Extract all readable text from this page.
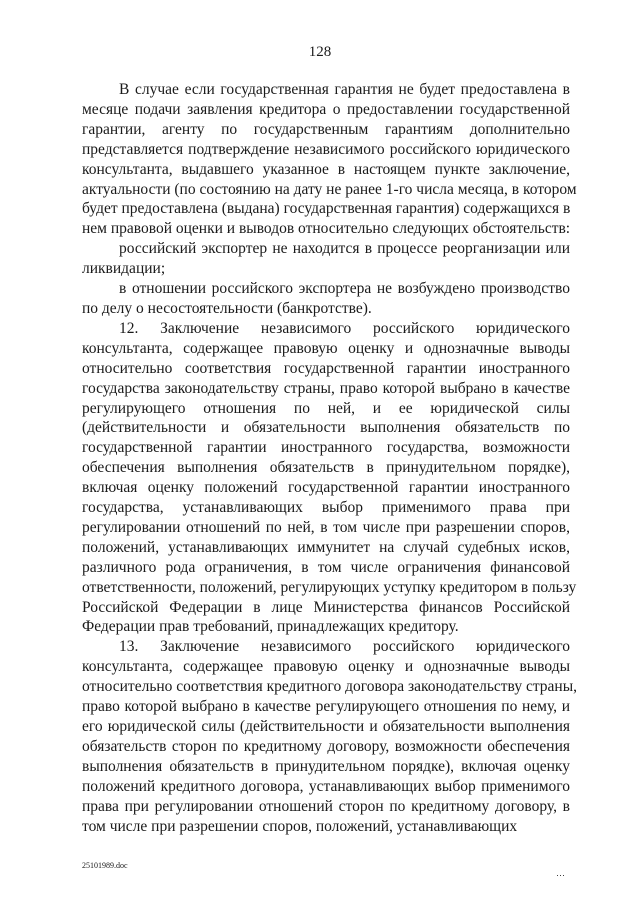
128
В случае если государственная гарантия не будет предоставлена в
месяце подачи заявления кредитора о предоставлении государственной
гарантии, агенту по государственным гарантиям дополнительно
представляется подтверждение независимого российского юридического
консультанта, выдавшего указанное в настоящем пункте заключение,
актуальности (по состоянию на дату не ранее 1-го числа месяца, в котором
будет предоставлена (выдана) государственная гарантия) содержащихся в
нем правовой оценки и выводов относительно следующих обстоятельств:
российский экспортер не находится в процессе реорганизации или
ликвидации;
в отношении российского экспортера не возбуждено производство
по делу о несостоятельности (банкротстве).
12. Заключение независимого российского юридического
консультанта, содержащее правовую оценку и однозначные выводы
относительно соответствия государственной гарантии иностранного
государства законодательству страны, право которой выбрано в качестве
регулирующего отношения по ней, и ее юридической силы
(действительности и обязательности выполнения обязательств по
государственной гарантии иностранного государства, возможности
обеспечения выполнения обязательств в принудительном порядке),
включая оценку положений государственной гарантии иностранного
государства, устанавливающих выбор применимого права при
регулировании отношений по ней, в том числе при разрешении споров,
положений, устанавливающих иммунитет на случай судебных исков,
различного рода ограничения, в том числе ограничения финансовой
ответственности, положений, регулирующих уступку кредитором в пользу
Российской Федерации в лице Министерства финансов Российской
Федерации прав требований, принадлежащих кредитору.
13. Заключение независимого российского юридического
консультанта, содержащее правовую оценку и однозначные выводы
относительно соответствия кредитного договора законодательству страны,
право которой выбрано в качестве регулирующего отношения по нему, и
его юридической силы (действительности и обязательности выполнения
обязательств сторон по кредитному договору, возможности обеспечения
выполнения обязательств в принудительном порядке), включая оценку
положений кредитного договора, устанавливающих выбор применимого
права при регулировании отношений сторон по кредитному договору, в
том числе при разрешении споров, положений, устанавливающих
25101989.doc
⋯
